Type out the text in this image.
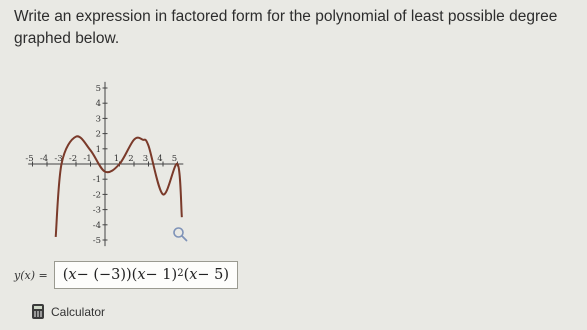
Write an expression in factored form for the polynomial of least possible degree graphed below.
-5 -4 -3 -2 -1	1 2 3 4 5
5
4
3
2
1
-1
-2
-3
-4
-5
y(x) = ( x − (−3))( x − 1)$^2$ ( x − 5)
Calculator
